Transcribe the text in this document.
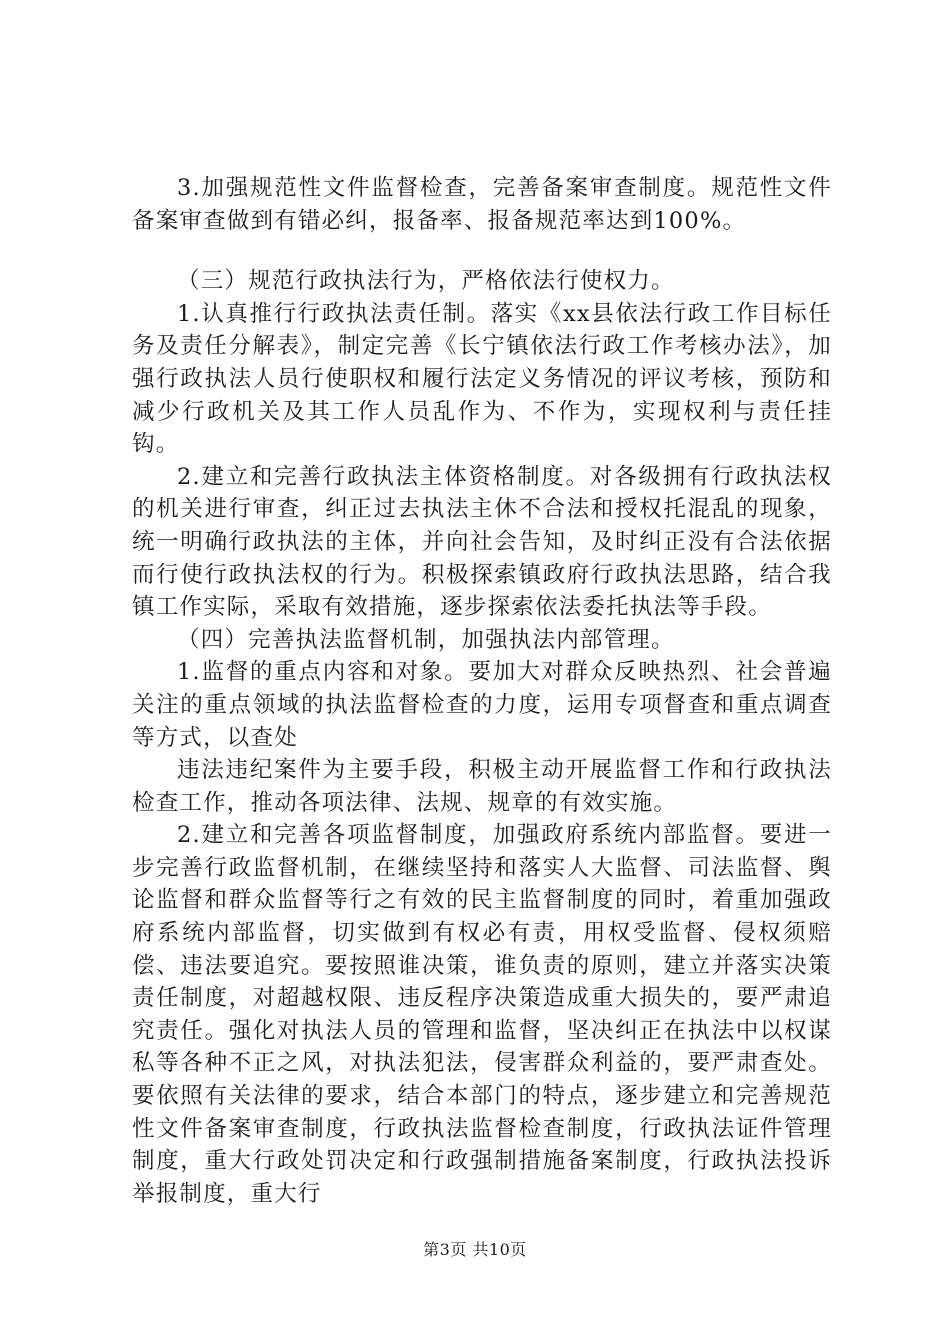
3.加强规范性文件监督检查，完善备案审查制度。规范性文件备案审查做到有错必纠，报备率、报备规范率达到100%。

（三）规范行政执法行为，严格依法行使权力。

1.认真推行行政执法责任制。落实《xx县依法行政工作目标任务及责任分解表》，制定完善《长宁镇依法行政工作考核办法》，加强行政执法人员行使职权和履行法定义务情况的评议考核，预防和减少行政机关及其工作人员乱作为、不作为，实现权利与责任挂钩。

2.建立和完善行政执法主体资格制度。对各级拥有行政执法权的机关进行审查，纠正过去执法主休不合法和授权托混乱的现象，统一明确行政执法的主体，并向社会告知，及时纠正没有合法依据而行使行政执法权的行为。积极探索镇政府行政执法思路，结合我镇工作实际，采取有效措施，逐步探索依法委托执法等手段。

（四）完善执法监督机制，加强执法内部管理。

1.监督的重点内容和对象。要加大对群众反映热烈、社会普遍关注的重点领域的执法监督检查的力度，运用专项督查和重点调查等方式，以查处

违法违纪案件为主要手段，积极主动开展监督工作和行政执法检查工作，推动各项法律、法规、规章的有效实施。

2.建立和完善各项监督制度，加强政府系统内部监督。要进一步完善行政监督机制，在继续坚持和落实人大监督、司法监督、舆论监督和群众监督等行之有效的民主监督制度的同时，着重加强政府系统内部监督，切实做到有权必有责，用权受监督、侵权须赔偿、违法要追究。要按照谁决策，谁负责的原则，建立并落实决策责任制度，对超越权限、违反程序决策造成重大损失的，要严肃追究责任。强化对执法人员的管理和监督，坚决纠正在执法中以权谋私等各种不正之风，对执法犯法，侵害群众利益的，要严肃查处。要依照有关法律的要求，结合本部门的特点，逐步建立和完善规范性文件备案审查制度，行政执法监督检查制度，行政执法证件管理制度，重大行政处罚决定和行政强制措施备案制度，行政执法投诉举报制度，重大行

第3页 共10页
